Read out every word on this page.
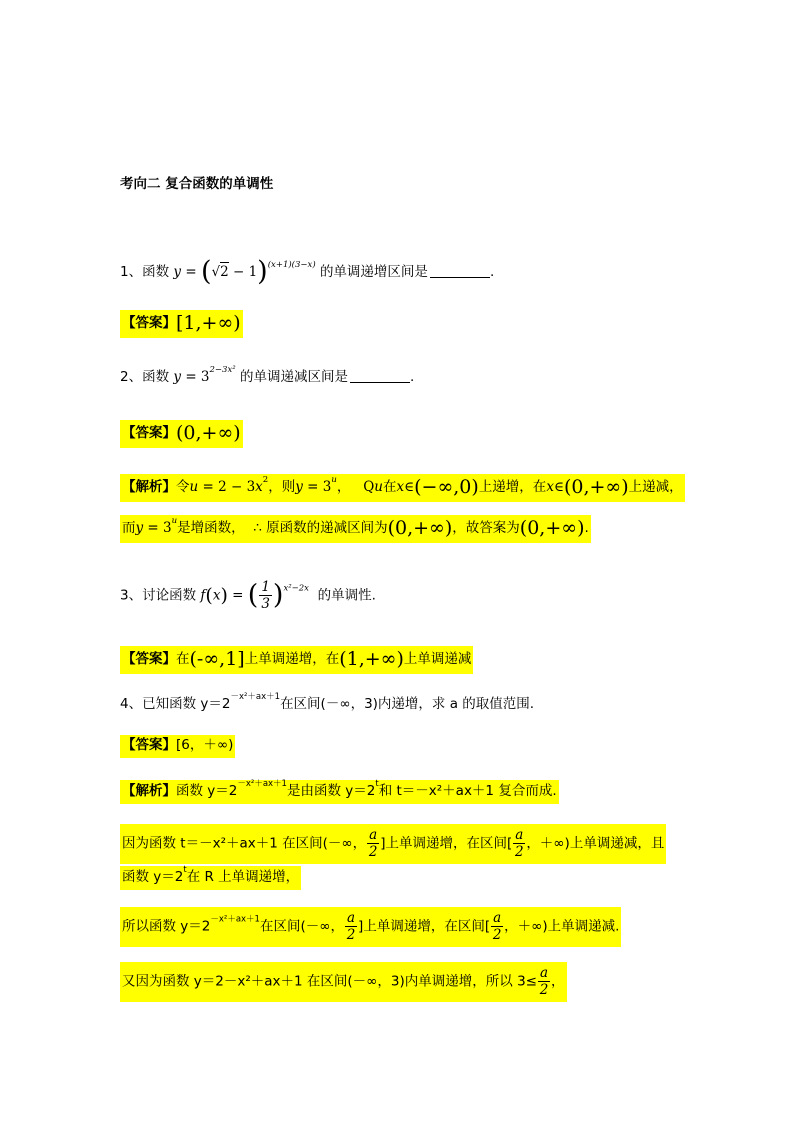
考向二 复合函数的单调性
1、函数 $y = (√2 - 1)^{(x+1)(3-x)}$ 的单调递增区间是	.
【答案】[1,+∞)
2、函数 $y = 3^{2-3x^2}$ 的单调递减区间是	.
【答案】(0,+∞)
【解析】令$u = 2 - 3x^2$，则$y = 3^u$， Qu在x∈(−∞,0)上递增，在x∈(0,+∞)上递减，
而$y = 3^u$是增函数， ∴ 原函数的递减区间为(0,+∞)，故答案为(0,+∞).
3、讨论函数 f(x) = ( $\frac{1}{3} )^{x^2-2x}$ 的单调性.
【答案】在(-∞,1]上单调递增，在(1,+∞)上单调递减
4、已知函数 $y=2^{-x^2+ax+1}$在区间(－∞，3)内递增，求 a 的取值范围.
【答案】[6，＋∞)
【解析】函数 $y=2^{-x^2+ax+1}$是由函数 $y=2^t$和 t＝－x²＋ax＋1 复合而成.
因为函数 t＝－x²＋ax＋1 在区间(－∞， $\frac{a}{2}$ ]上单调递增，在区间[ $\frac{a}{2}$ ，＋∞)上单调递减，且
函数 $y=2^t$在 R 上单调递增，
所以函数 $y=2^{-x^2+ax+1}$在区间(－∞， $\frac{a}{2}$ ]上单调递增，在区间[ $\frac{a}{2}$ ，＋∞)上单调递减.
又因为函数 y＝2－x²＋ax＋1 在区间(－∞，3)内单调递增，所以 $3\le \frac{a}{2}$ ，
